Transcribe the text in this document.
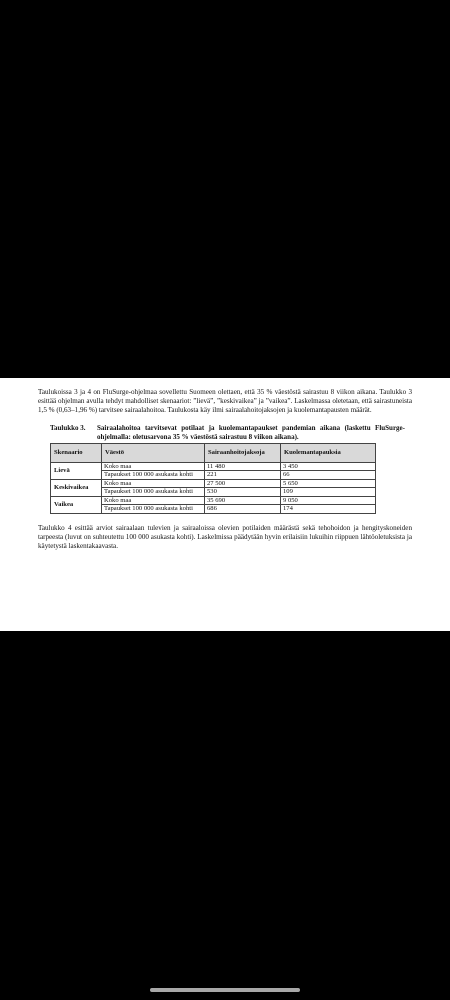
Taulukoissa 3 ja 4 on FluSurge-ohjelmaa sovellettu Suomeen olettaen, että 35 % väestöstä sairastuu 8 viikon aikana. Taulukko 3 esittää ohjelman avulla tehdyt mahdolliset skenaariot: ”lievä”, ”keskivaikea” ja ”vaikea”. Laskelmassa oletetaan, että sairastuneista 1,5 % (0,63–1,96 %) tarvitsee sairaalahoitoa. Taulukosta käy ilmi sairaalahoitojaksojen ja kuolemantapausten määrät.

Taulukko 3.	Sairaalahoitoa tarvitsevat potilaat ja kuolemantapaukset pandemian aikana (laskettu FluSurge-ohjelmalla: oletusarvona 35 % väestöstä sairastuu 8 viikon aikana).
Skenaario	Väestö	Sairaanhoitojaksoja	Kuolemantapauksia
Lievä	Koko maa	11 480	3 450
	Tapaukset 100 000 asukasta kohti	221	66
Keskivaikea	Koko maa	27 500	5 650
	Tapaukset 100 000 asukasta kohti	530	109
Vaikea	Koko maa	35 690	9 050
	Tapaukset 100 000 asukasta kohti	686	174

Taulukko 4 esittää arviot sairaalaan tulevien ja sairaaloissa olevien potilaiden määrästä sekä tehohoidon ja hengityskoneiden tarpeesta (luvut on suhteutettu 100 000 asukasta kohti). Laskelmissa päädytään hyvin erilaisiin lukuihin riippuen lähtöoletuksista ja käytetystä laskentakaavasta.
